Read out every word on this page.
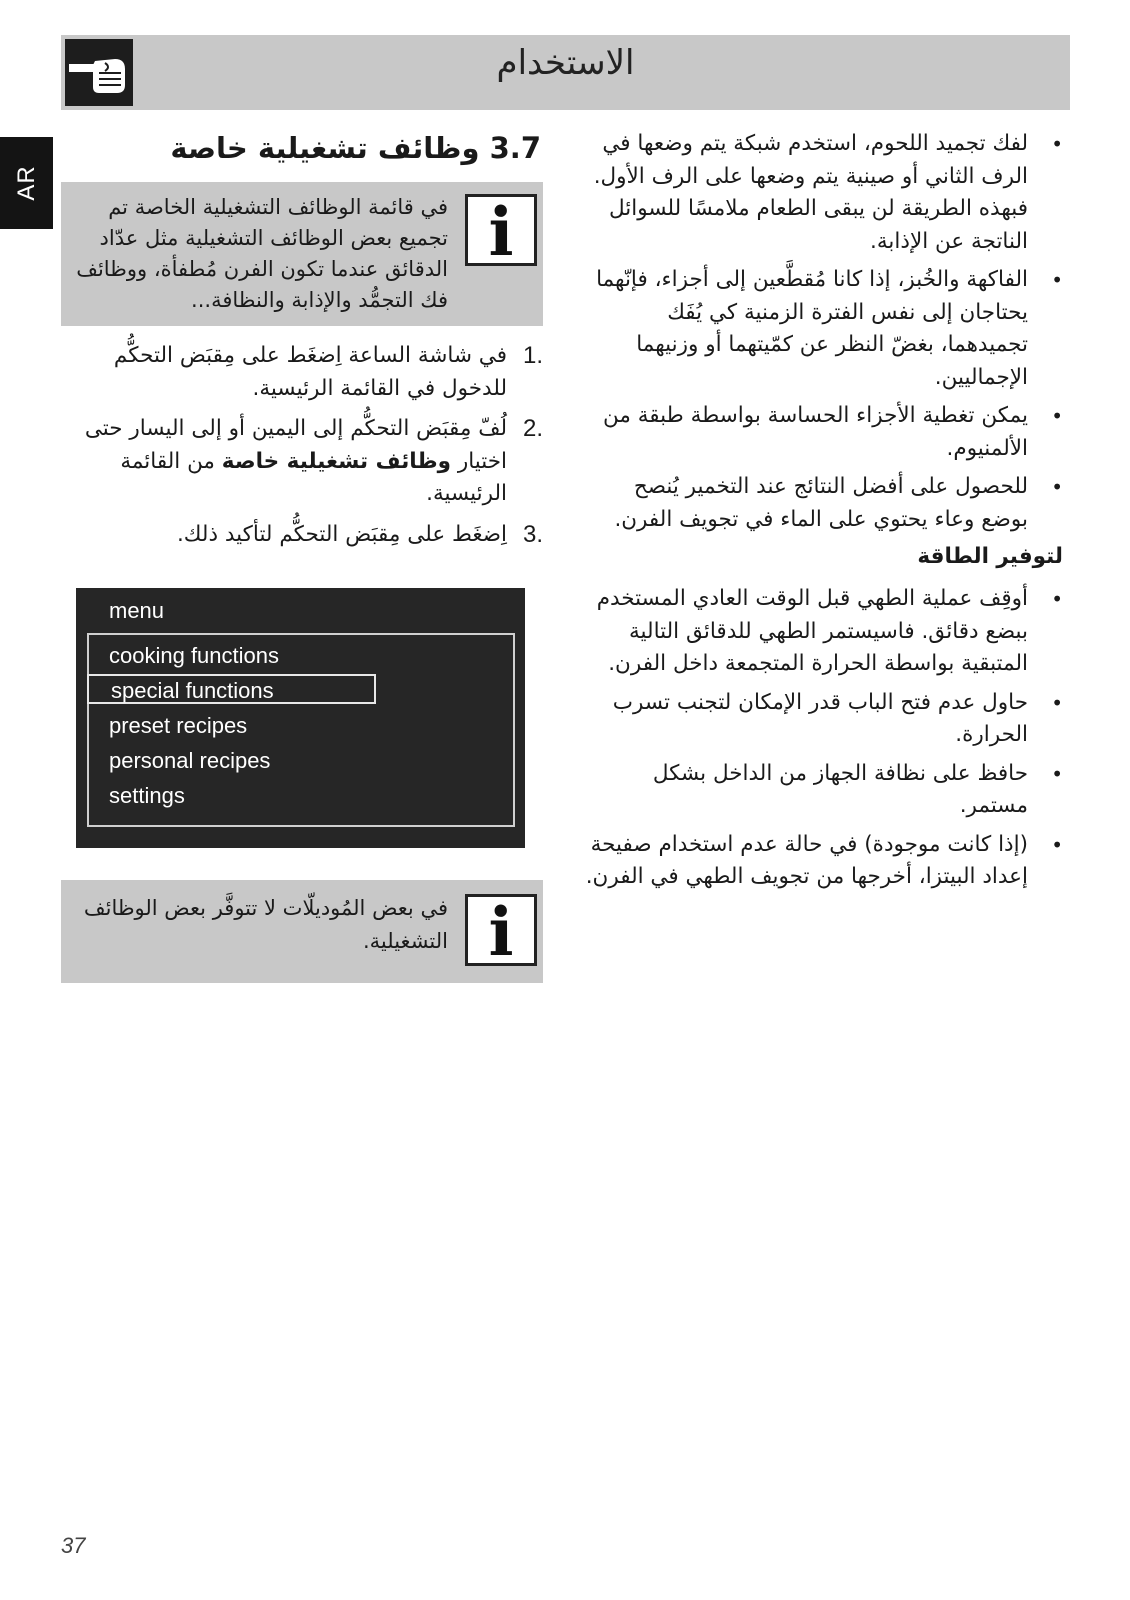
الاستخدام
AR
•
لفك تجميد اللحوم، استخدم شبكة يتم وضعها في الرف الثاني أو صينية يتم وضعها على الرف الأول. فبهذه الطريقة لن يبقى الطعام ملامسًا للسوائل الناتجة عن الإذابة.
•
الفاكهة والخُبز، إذا كانا مُقطَّعين إلى أجزاء، فإنّهما يحتاجان إلى نفس الفترة الزمنية كي يُفَك تجميدهما، بغضّ النظر عن كمّيتهما أو وزنيهما الإجماليين.
•
يمكن تغطية الأجزاء الحساسة بواسطة طبقة من الألمنيوم.
•
للحصول على أفضل النتائج عند التخمير يُنصح بوضع وعاء يحتوي على الماء في تجويف الفرن.
لتوفير الطاقة
•
أوقِف عملية الطهي قبل الوقت العادي المستخدم ببضع دقائق. فاسيستمر الطهي للدقائق التالية المتبقية بواسطة الحرارة المتجمعة داخل الفرن.
•
حاول عدم فتح الباب قدر الإمكان لتجنب تسرب الحرارة.
•
حافظ على نظافة الجهاز من الداخل بشكل مستمر.
•
(إذا كانت موجودة) في حالة عدم استخدام صفيحة إعداد البيتزا، أخرجها من تجويف الطهي في الفرن.
3.7 وظائف تشغيلية خاصة
i
في قائمة الوظائف التشغيلية الخاصة تم تجميع بعض الوظائف التشغيلية مثل عدّاد الدقائق عندما تكون الفرن مُطفأة، ووظائف فك التجمُّد والإذابة والنظافة...
1.
في شاشة الساعة اِضغَط على مِقبَض التحكُّم للدخول في القائمة الرئيسية.
2.
لُفّ مِقبَض التحكُّم إلى اليمين أو إلى اليسار حتى اختيار وظائف تشغيلية خاصة من القائمة الرئيسية.
3.
اِضغَط على مِقبَض التحكُّم لتأكيد ذلك.
menu
cooking functions
special functions
preset recipes
personal recipes
settings
i
في بعض المُوديلّات لا تتوفَّر بعض الوظائف التشغيلية.
37
